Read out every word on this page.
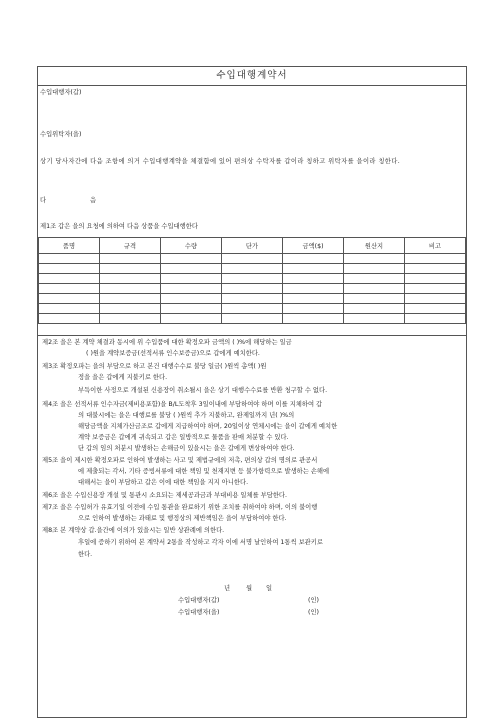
수입대행계약서
수입대행자(갑)
수입위탁자(을)
상기 당사자간에 다음 조항에 의거 수입대행계약을 체결함에 있어 편의상 수탁자를 갑이라 칭하고 위탁자를 을이라 칭한다.
다	음
제1조 갑은 을의 요청에 의하여 다음 상품을 수입대행한다
품명	규격	수량	단가	금액($)	원산지	비고

제2조 을은 본 계약 체결과 동시에 위 수입품에 대한 확정오파 금액의 ( )%에 해당하는 일금
( )원을 계약보증금(선적서류 인수보증금)으로 갑에게 예치한다.
제3조 확정오파는 을의 부담으로 하고 본건 대행수수료 불당 일금( )원씩 총액( )원
정을 을은 갑에게 지불키로 한다.
부득이한 사정으로 개설된 신용장이 취소될시 을은 상기 대행수수료를 반환 청구할 수 없다.
제4조 을은 선적서류 인수자금(제비용포함)을 B/L도착후 3일이내에 부담하여야 하며 이를 지체하여 갑
의 대불시에는 을은 대행료를 불당 ( )원씩 추가 지불하고, 완제일까지 년( )%의
해당금액을 지체가산금조로 갑에게 지급하여야 하며, 20일이상 연체시에는 을이 갑에게 예치한
계약 보증금은 갑에게 귀속되고 갑은 일방적으로 물품을 판매 처분할 수 있다.
단 갑의 임의 처분시 발생하는 손해금이 있을시는 을은 갑에게 변상하여야 한다.
제5조 을이 제시한 확정오파로 인하여 발생하는 사고 및 제법규에의 저촉, 편의상 갑의 명의로 관공서
에 제출되는 각서, 기타 증빙서류에 대한 책임 및 천재지변 등 불가항력으로 발생하는 손해에
대해서는 을이 부담하고 갑은 이에 대한 책임을 지지 아니한다.
제6조 을은 수입신용장 개설 및 통관시 소요되는 제세공과금과 부대비용 일체를 부담한다.
제7조 을은 수입허가 유효기일 이전에 수입 통관을 완료하기 위한 조치를 취하여야 하며, 이의 불이행
으로 인하여 발생하는 과태료 및 행정상의 제반책임은 을이 부담하여야 한다.
제8조 본 계약상 갑.을간에 이의가 있을시는 일반 상관례에 의한다.
후일에 증하기 위하여 본 계약서 2통을 작성하고 각자 이에 서명 날인하여 1통씩 보관키로
한다.
년	월 일
수입대행자(갑)	(인)
수입대행자(을)	(인)
